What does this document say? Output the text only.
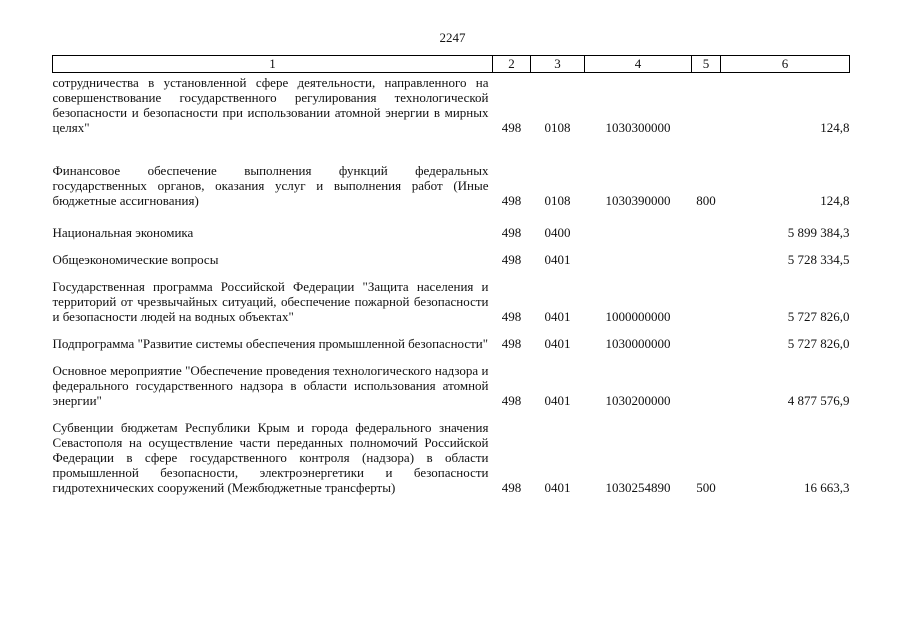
2247
1	2	3	4	5	6
сотрудничества в установленной сфере деятельности, направленного на совершенствование государственного регулирования технологической безопасности и безопасности при использовании атомной энергии в мирных целях"	498	0108	1030300000		124,8
Финансовое обеспечение выполнения функций федеральных государственных органов, оказания услуг и выполнения работ (Иные бюджетные ассигнования)	498	0108	1030390000	800	124,8
Национальная экономика	498	0400			5 899 384,3
Общеэкономические вопросы	498	0401			5 728 334,5
Государственная программа Российской Федерации "Защита населения и территорий от чрезвычайных ситуаций, обеспечение пожарной безопасности и безопасности людей на водных объектах"	498	0401	1000000000		5 727 826,0
Подпрограмма "Развитие системы обеспечения промышленной безопасности"	498	0401	1030000000		5 727 826,0
Основное мероприятие "Обеспечение проведения технологического надзора и федерального государственного надзора в области использования атомной энергии"	498	0401	1030200000		4 877 576,9
Субвенции бюджетам Республики Крым и города федерального значения Севастополя на осуществление части переданных полномочий Российской Федерации в сфере государственного контроля (надзора) в области промышленной безопасности, электроэнергетики и безопасности гидротехнических сооружений (Межбюджетные трансферты)	498	0401	1030254890	500	16 663,3
